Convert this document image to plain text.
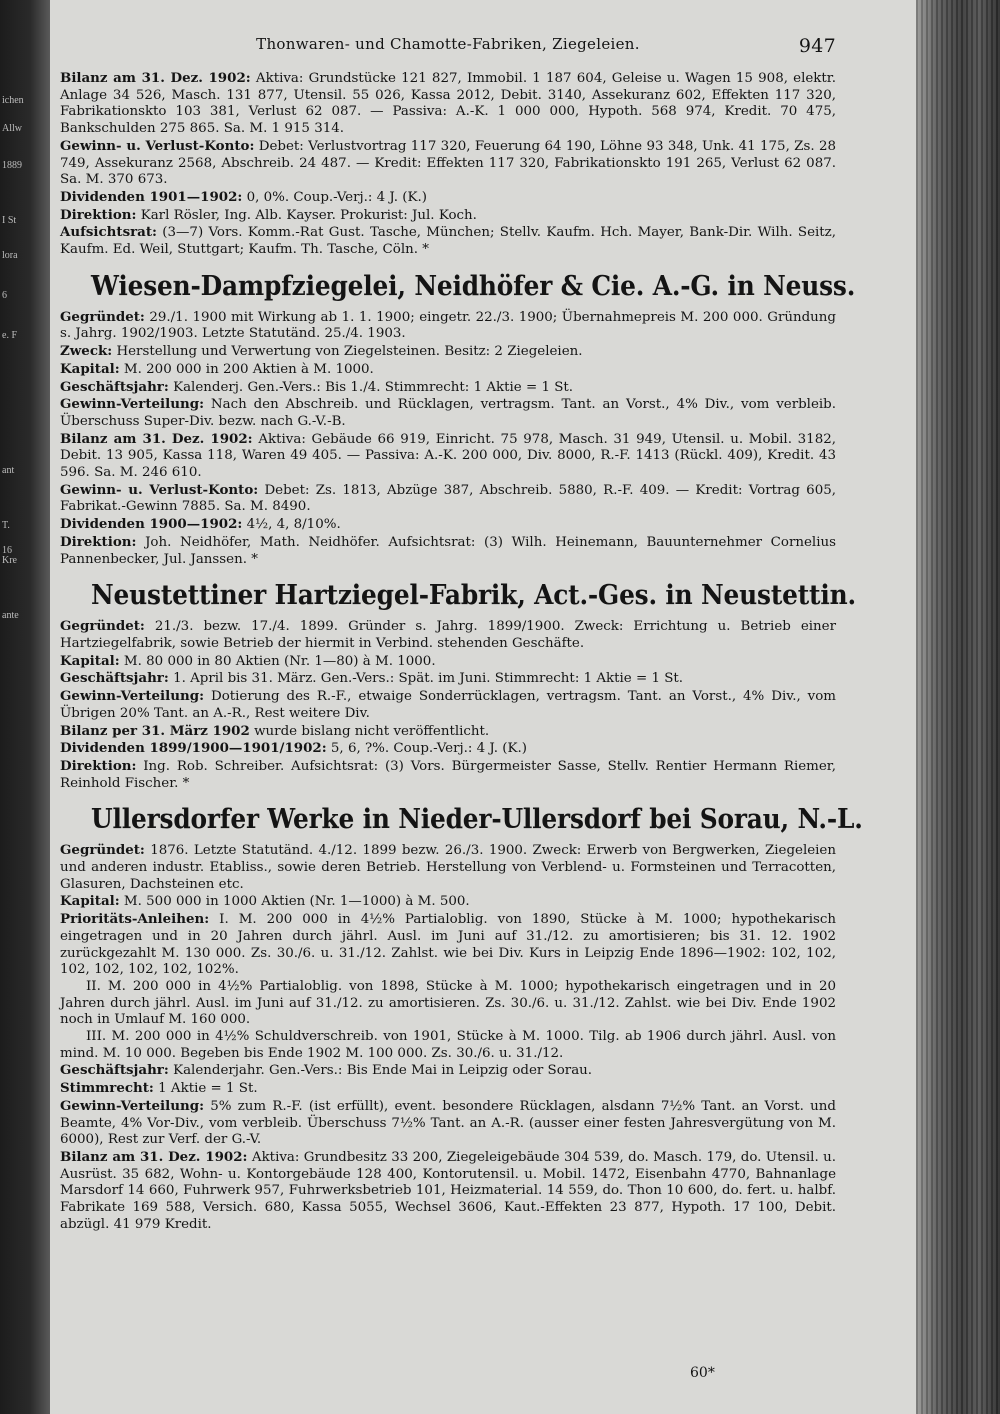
ichen
Allw
1889
I St
lora
6
e. F
ant
T.
16
Kre
ante
Thonwaren- und Chamotte-Fabriken, Ziegeleien.	947

Bilanz am 31. Dez. 1902: Aktiva: Grundstücke 121 827, Immobil. 1 187 604, Geleise u. Wagen 15 908, elektr. Anlage 34 526, Masch. 131 877, Utensil. 55 026, Kassa 2012, Debit. 3140, Assekuranz 602, Effekten 117 320, Fabrikationskto 103 381, Verlust 62 087. — Passiva: A.-K. 1 000 000, Hypoth. 568 974, Kredit. 70 475, Bankschulden 275 865. Sa. M. 1 915 314.

Gewinn- u. Verlust-Konto: Debet: Verlustvortrag 117 320, Feuerung 64 190, Löhne 93 348, Unk. 41 175, Zs. 28 749, Assekuranz 2568, Abschreib. 24 487. — Kredit: Effekten 117 320, Fabrikationskto 191 265, Verlust 62 087. Sa. M. 370 673.

Dividenden 1901—1902: 0, 0%. Coup.-Verj.: 4 J. (K.)

Direktion: Karl Rösler, Ing. Alb. Kayser. Prokurist: Jul. Koch.

Aufsichtsrat: (3—7) Vors. Komm.-Rat Gust. Tasche, München; Stellv. Kaufm. Hch. Mayer, Bank-Dir. Wilh. Seitz, Kaufm. Ed. Weil, Stuttgart; Kaufm. Th. Tasche, Cöln. *

Wiesen-Dampfziegelei, Neidhöfer & Cie. A.-G. in Neuss.

Gegründet: 29./1. 1900 mit Wirkung ab 1. 1. 1900; eingetr. 22./3. 1900; Übernahmepreis M. 200 000. Gründung s. Jahrg. 1902/1903. Letzte Statutänd. 25./4. 1903.

Zweck: Herstellung und Verwertung von Ziegelsteinen. Besitz: 2 Ziegeleien.

Kapital: M. 200 000 in 200 Aktien à M. 1000.

Geschäftsjahr: Kalenderj. Gen.-Vers.: Bis 1./4. Stimmrecht: 1 Aktie = 1 St.

Gewinn-Verteilung: Nach den Abschreib. und Rücklagen, vertragsm. Tant. an Vorst., 4% Div., vom verbleib. Überschuss Super-Div. bezw. nach G.-V.-B.

Bilanz am 31. Dez. 1902: Aktiva: Gebäude 66 919, Einricht. 75 978, Masch. 31 949, Utensil. u. Mobil. 3182, Debit. 13 905, Kassa 118, Waren 49 405. — Passiva: A.-K. 200 000, Div. 8000, R.-F. 1413 (Rückl. 409), Kredit. 43 596. Sa. M. 246 610.

Gewinn- u. Verlust-Konto: Debet: Zs. 1813, Abzüge 387, Abschreib. 5880, R.-F. 409. — Kredit: Vortrag 605, Fabrikat.-Gewinn 7885. Sa. M. 8490.

Dividenden 1900—1902: 4½, 4, 8/10%.

Direktion: Joh. Neidhöfer, Math. Neidhöfer. Aufsichtsrat: (3) Wilh. Heinemann, Bauunternehmer Cornelius Pannenbecker, Jul. Janssen. *

Neustettiner Hartziegel-Fabrik, Act.-Ges. in Neustettin.

Gegründet: 21./3. bezw. 17./4. 1899. Gründer s. Jahrg. 1899/1900. Zweck: Errichtung u. Betrieb einer Hartziegelfabrik, sowie Betrieb der hiermit in Verbind. stehenden Geschäfte.

Kapital: M. 80 000 in 80 Aktien (Nr. 1—80) à M. 1000.

Geschäftsjahr: 1. April bis 31. März. Gen.-Vers.: Spät. im Juni. Stimmrecht: 1 Aktie = 1 St.

Gewinn-Verteilung: Dotierung des R.-F., etwaige Sonderrücklagen, vertragsm. Tant. an Vorst., 4% Div., vom Übrigen 20% Tant. an A.-R., Rest weitere Div.

Bilanz per 31. März 1902 wurde bislang nicht veröffentlicht.

Dividenden 1899/1900—1901/1902: 5, 6, ?%. Coup.-Verj.: 4 J. (K.)

Direktion: Ing. Rob. Schreiber. Aufsichtsrat: (3) Vors. Bürgermeister Sasse, Stellv. Rentier Hermann Riemer, Reinhold Fischer. *

Ullersdorfer Werke in Nieder-Ullersdorf bei Sorau, N.-L.

Gegründet: 1876. Letzte Statutänd. 4./12. 1899 bezw. 26./3. 1900. Zweck: Erwerb von Bergwerken, Ziegeleien und anderen industr. Etabliss., sowie deren Betrieb. Herstellung von Verblend- u. Formsteinen und Terracotten, Glasuren, Dachsteinen etc.

Kapital: M. 500 000 in 1000 Aktien (Nr. 1—1000) à M. 500.

Prioritäts-Anleihen: I. M. 200 000 in 4½% Partialoblig. von 1890, Stücke à M. 1000; hypothekarisch eingetragen und in 20 Jahren durch jährl. Ausl. im Juni auf 31./12. zu amortisieren; bis 31. 12. 1902 zurückgezahlt M. 130 000. Zs. 30./6. u. 31./12. Zahlst. wie bei Div. Kurs in Leipzig Ende 1896—1902: 102, 102, 102, 102, 102, 102, 102%.

II. M. 200 000 in 4½% Partialoblig. von 1898, Stücke à M. 1000; hypothekarisch eingetragen und in 20 Jahren durch jährl. Ausl. im Juni auf 31./12. zu amortisieren. Zs. 30./6. u. 31./12. Zahlst. wie bei Div. Ende 1902 noch in Umlauf M. 160 000.

III. M. 200 000 in 4½% Schuldverschreib. von 1901, Stücke à M. 1000. Tilg. ab 1906 durch jährl. Ausl. von mind. M. 10 000. Begeben bis Ende 1902 M. 100 000. Zs. 30./6. u. 31./12.

Geschäftsjahr: Kalenderjahr. Gen.-Vers.: Bis Ende Mai in Leipzig oder Sorau.

Stimmrecht: 1 Aktie = 1 St.

Gewinn-Verteilung: 5% zum R.-F. (ist erfüllt), event. besondere Rücklagen, alsdann 7½% Tant. an Vorst. und Beamte, 4% Vor-Div., vom verbleib. Überschuss 7½% Tant. an A.-R. (ausser einer festen Jahresvergütung von M. 6000), Rest zur Verf. der G.-V.

Bilanz am 31. Dez. 1902: Aktiva: Grundbesitz 33 200, Ziegeleigebäude 304 539, do. Masch. 179, do. Utensil. u. Ausrüst. 35 682, Wohn- u. Kontorgebäude 128 400, Kontorutensil. u. Mobil. 1472, Eisenbahn 4770, Bahnanlage Marsdorf 14 660, Fuhrwerk 957, Fuhrwerksbetrieb 101, Heizmaterial. 14 559, do. Thon 10 600, do. fert. u. halbf. Fabrikate 169 588, Versich. 680, Kassa 5055, Wechsel 3606, Kaut.-Effekten 23 877, Hypoth. 17 100, Debit. abzügl. 41 979 Kredit.

60*
